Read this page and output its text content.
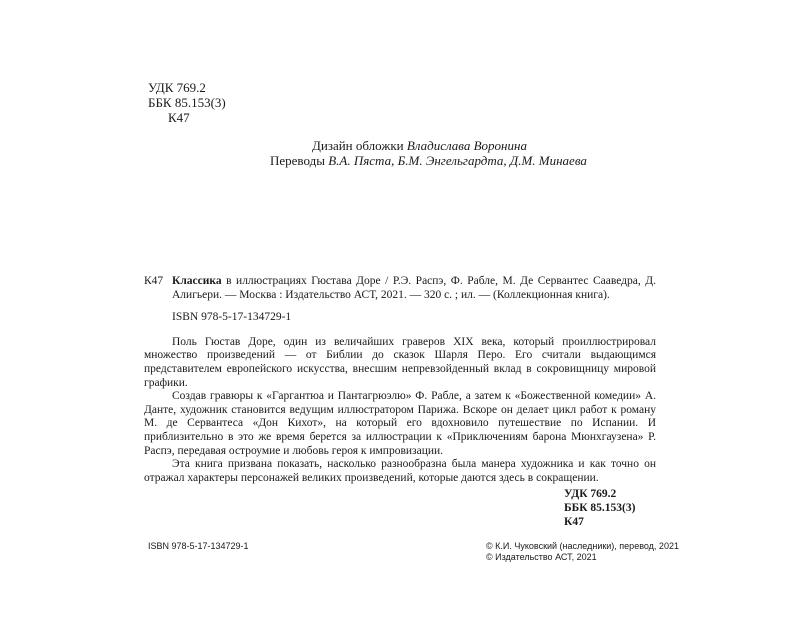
УДК 769.2
ББК 85.153(3)
К47
Дизайн обложки Владислава Воронина
Переводы В.А. Пяста, Б.М. Энгельгардта, Д.М. Минаева

К47 Классика в иллюстрациях Гюстава Доре / Р.Э. Распэ, Ф. Рабле, М. Де Сервантес Сааведра, Д. Алигьери. — Москва : Издательство АСТ, 2021. — 320 с. ; ил. — (Коллекционная книга).

ISBN 978-5-17-134729-1

Поль Гюстав Доре, один из величайших граверов XIX века, который проиллюстрировал множество произведений — от Библии до сказок Шарля Перо. Его считали выдающимся представителем европейского искусства, внесшим непревзойденный вклад в сокровищницу мировой графики.

Создав гравюры к «Гаргантюа и Пантагрюэлю» Ф. Рабле, а затем к «Божественной комедии» А. Данте, художник становится ведущим иллюстратором Парижа. Вскоре он делает цикл работ к роману М. де Сервантеса «Дон Кихот», на который его вдохновило путешествие по Испании. И приблизительно в это же время берется за иллюстрации к «Приключениям барона Мюнхгаузена» Р. Распэ, передавая остроумие и любовь героя к импровизации.

Эта книга призвана показать, насколько разнообразна была манера художника и как точно он отражал характеры персонажей великих произведений, которые даются здесь в сокращении.

УДК 769.2
ББК 85.153(3) К47
ISBN 978-5-17-134729-1	© К.И. Чуковский (наследники), перевод, 2021
© Издательство АСТ, 2021
